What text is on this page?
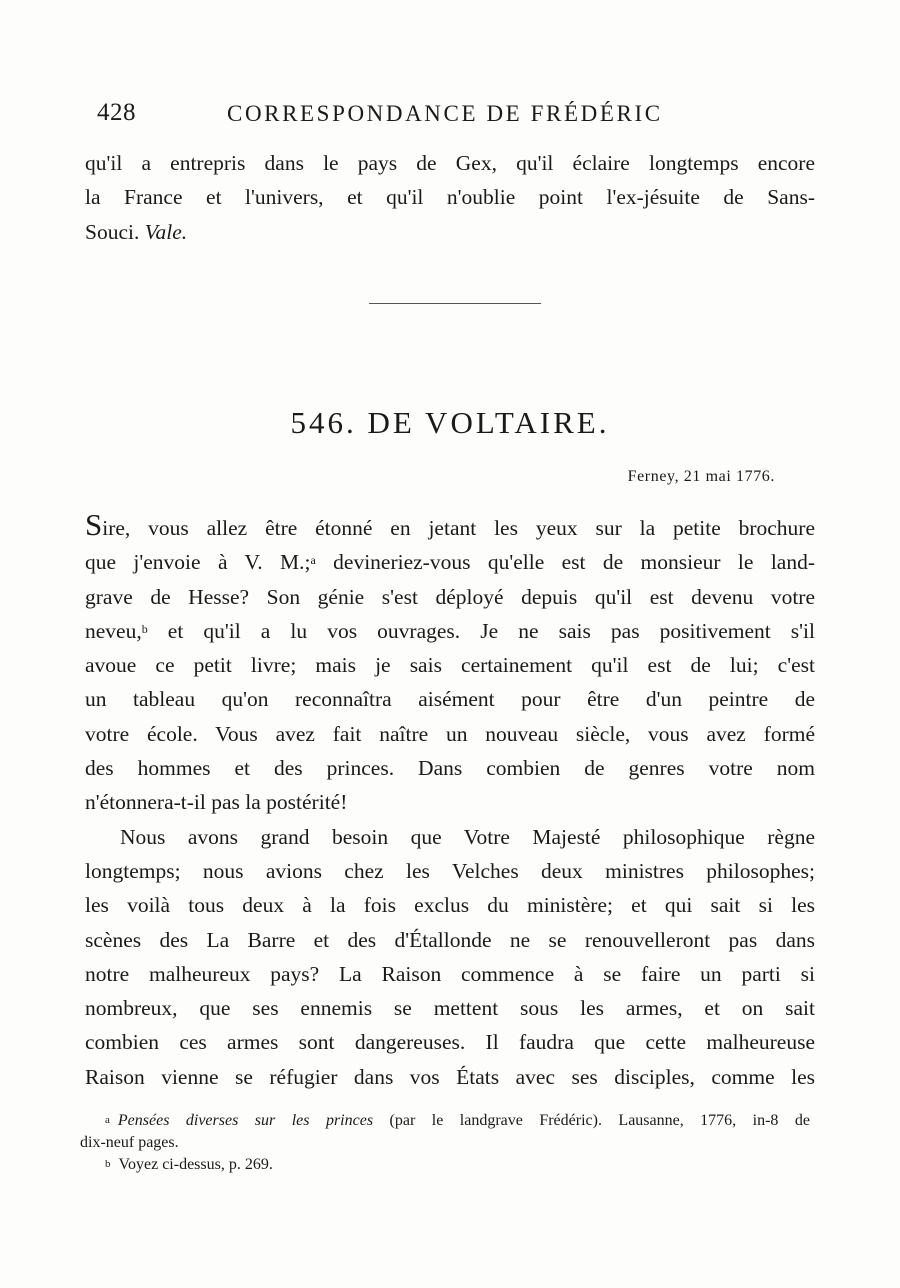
428	CORRESPONDANCE DE FRÉDÉRIC
qu'il a entrepris dans le pays de Gex, qu'il éclaire longtemps encore
la France et l'univers, et qu'il n'oublie point l'ex-jésuite de Sans-
Souci. Vale.
546. DE VOLTAIRE.
Ferney, 21 mai 1776.
Sire, vous allez être étonné en jetant les yeux sur la petite brochure
que j'envoie à V. M.;$^a$ devineriez-vous qu'elle est de monsieur le land-
grave de Hesse? Son génie s'est déployé depuis qu'il est devenu votre
neveu,$^b$ et qu'il a lu vos ouvrages. Je ne sais pas positivement s'il
avoue ce petit livre; mais je sais certainement qu'il est de lui; c'est
un tableau qu'on reconnaîtra aisément pour être d'un peintre de
votre école. Vous avez fait naître un nouveau siècle, vous avez formé
des hommes et des princes. Dans combien de genres votre nom
n'étonnera-t-il pas la postérité!
Nous avons grand besoin que Votre Majesté philosophique règne
longtemps; nous avions chez les Velches deux ministres philosophes;
les voilà tous deux à la fois exclus du ministère; et qui sait si les
scènes des La Barre et des d'Étallonde ne se renouvelleront pas dans
notre malheureux pays? La Raison commence à se faire un parti si
nombreux, que ses ennemis se mettent sous les armes, et on sait
combien ces armes sont dangereuses. Il faudra que cette malheureuse
Raison vienne se réfugier dans vos États avec ses disciples, comme les
$^a$ Pensées diverses sur les princes (par le landgrave Frédéric). Lausanne, 1776, in-8 de
dix-neuf pages.
$^b$ Voyez ci-dessus, p. 269.
